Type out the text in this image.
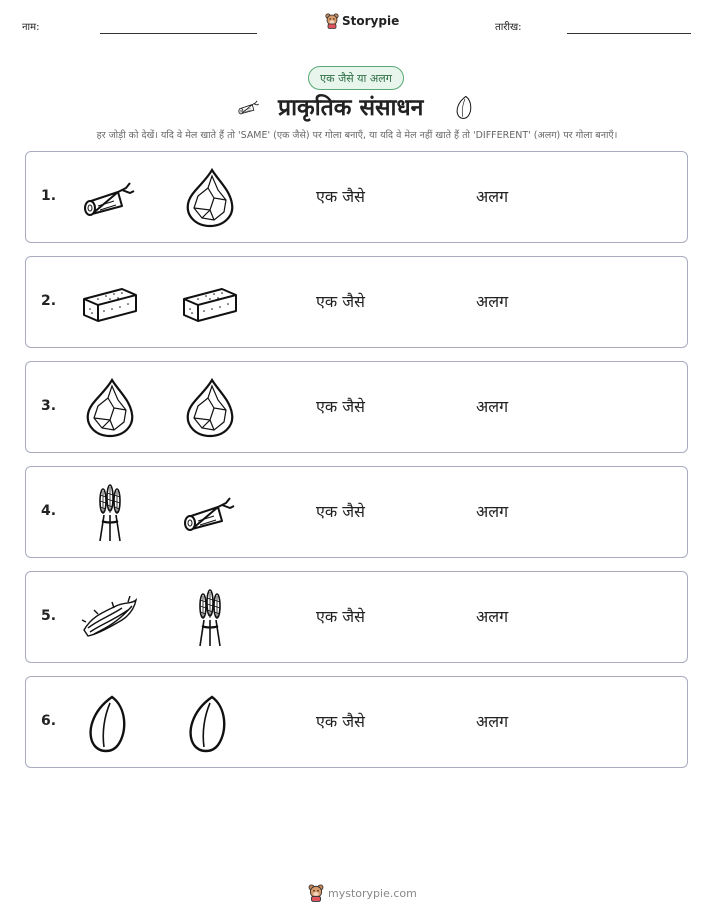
नाम:	Storypie	तारीख:
एक जैसे या अलग
प्राकृतिक संसाधन
हर जोड़ी को देखें। यदि वे मेल खाते हैं तो 'SAME' (एक जैसे) पर गोला बनाएँ, या यदि वे मेल नहीं खाते हैं तो 'DIFFERENT' (अलग) पर गोला बनाएँ।
1.	एक जैसे	अलग
2.	एक जैसे	अलग
3.	एक जैसे	अलग
4.	एक जैसे	अलग
5.	एक जैसे	अलग
6.	एक जैसे	अलग
mystorypie.com
